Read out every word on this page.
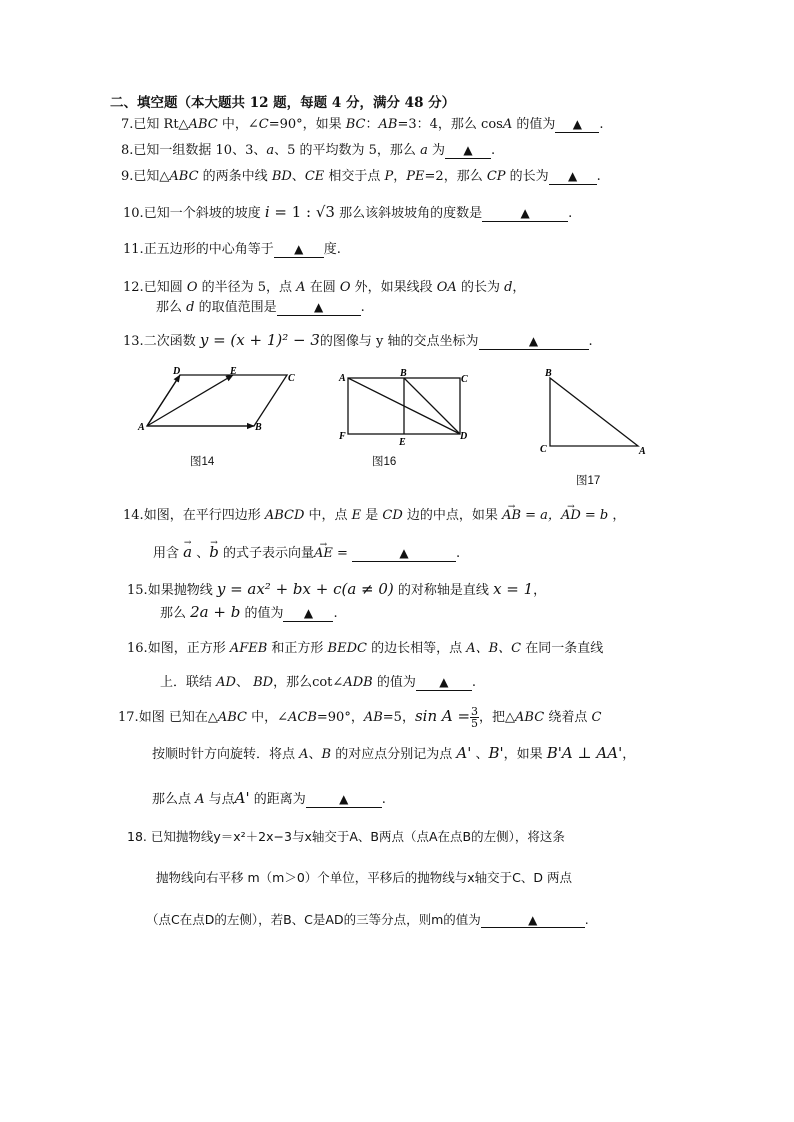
二、填空题（本大题共 12 题，每题 4 分，满分 48 分）
7.已知 Rt△ABC 中，∠C=90°，如果 BC：AB=3：4，那么 cosA 的值为 ▲ .
8.已知一组数据 10、3、a、5 的平均数为 5，那么 a 为 ▲ .
9.已知△ABC 的两条中线 BD、CE 相交于点 P，PE=2，那么 CP 的长为 ▲ .
10.已知一个斜坡的坡度 i = 1 : √3 那么该斜坡坡角的度数是	▲	.
11.正五边形的中心角等于 ▲ 度.
12.已知圆 O 的半径为 5，点 A 在圆 O 外，如果线段 OA 的长为 d，
那么 d 的取值范围是	▲	.
13.二次函数 y = (x + 1)² − 3的图像与 y 轴的交点坐标为	▲	.
A	B
C
D	E
图14
A	B
C
D
E
F
图16
B
C	A
图17
14.如图，在平行四边形 ABCD 中，点 E 是 CD 边的中点，如果 → AB = a，→ AD = b ，
用含 → a 、→ b 的式子表示向量→ AE =	▲	.
15.如果抛物线 y = ax² + bx + c(a ≠ 0) 的对称轴是直线 x = 1，
那么 2a + b 的值为 ▲ .
16.如图，正方形 AFEB 和正方形 BEDC 的边长相等，点 A、B、C 在同一条直线
上．联结 AD、 BD，那么cot∠ADB 的值为 ▲ .
17.如图 已知在△ABC 中，∠ACB=90°，AB=5，$\sin A = \frac{3}{5}$ ，把△ABC 绕着点 C
按顺时针方向旋转．将点 A、B 的对应点分别记为点 A' 、B'，如果 B'A ⊥ AA'，
那么点 A 与点A' 的距离为	▲	.
18. 已知抛物线y＝x²＋2x−3与x轴交于A、B两点（点A在点B的左侧），将这条
抛物线向右平移 m（m＞0）个单位，平移后的抛物线与x轴交于C、D 两点
（点C在点D的左侧），若B、C是AD的三等分点，则m的值为	▲	.
